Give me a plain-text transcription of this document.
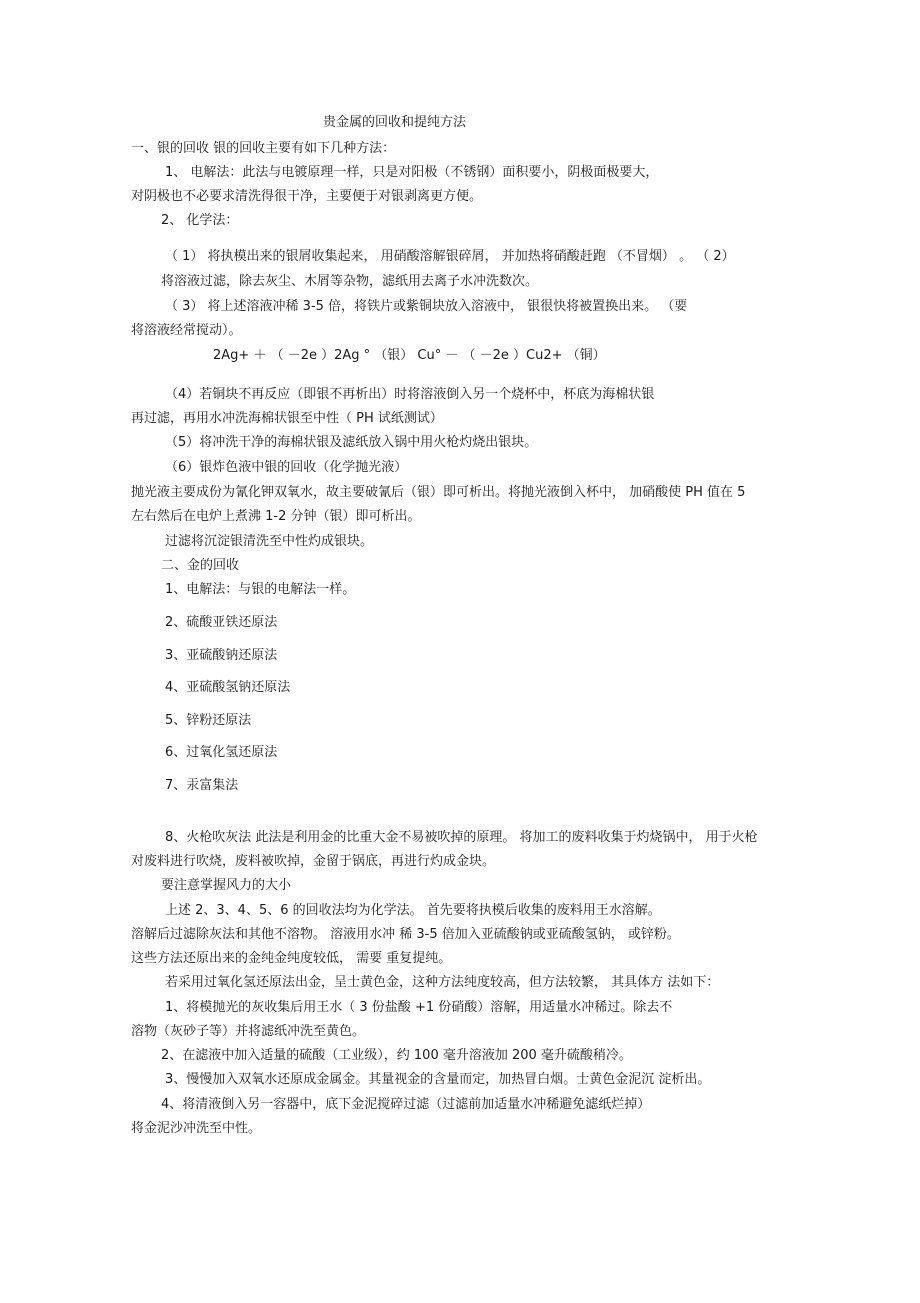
贵金属的回收和提纯方法
一、银的回收 银的回收主要有如下几种方法：
1、 电解法：此法与电镀原理一样，只是对阳极（不锈钢）面积要小，阴极面极要大，
对阴极也不必要求清洗得很干净，主要便于对银剥离更方便。
2、 化学法：
（ 1） 将执模出来的银屑收集起来， 用硝酸溶解银碎屑， 并加热将硝酸赶跑 （不冒烟） 。 （ 2）
将溶液过滤，除去灰尘、木屑等杂物，滤纸用去离子水冲洗数次。
（ 3） 将上述溶液冲稀 3-5 倍，将铁片或紫铜块放入溶液中， 银很快将被置换出来。 （要
将溶液经常搅动）。
2Ag+ ＋ （ －2e ）2Ag ° （银） Cu° － （ －2e ）Cu2+ （铜）
（4）若铜块不再反应（即银不再析出）时将溶液倒入另一个烧杯中，杯底为海棉状银
再过滤，再用水冲洗海棉状银至中性（ PH 试纸测试）
（5）将冲洗干净的海棉状银及滤纸放入锅中用火枪灼烧出银块。
（6）银炸色液中银的回收（化学抛光液）
抛光液主要成份为氰化钾双氧水，故主要破氰后（银）即可析出。将抛光液倒入杯中， 加硝酸使 PH 值在 5
左右然后在电炉上煮沸 1-2 分钟（银）即可析出。
过滤将沉淀银清洗至中性灼成银块。
二、金的回收
1、电解法：与银的电解法一样。
2、硫酸亚铁还原法
3、亚硫酸钠还原法
4、亚硫酸氢钠还原法
5、锌粉还原法
6、过氧化氢还原法
7、汞富集法
8、火枪吹灰法 此法是利用金的比重大金不易被吹掉的原理。 将加工的废料收集于灼烧锅中， 用于火枪
对废料进行吹烧，废料被吹掉，金留于锅底，再进行灼成金块。
要注意掌握风力的大小
上述 2、3、4、5、6 的回收法均为化学法。 首先要将执模后收集的废料用王水溶解。
溶解后过滤除灰法和其他不溶物。 溶液用水冲 稀 3-5 倍加入亚硫酸钠或亚硫酸氢钠， 或锌粉。
这些方法还原出来的金纯金纯度较低， 需要 重复提纯。
若采用过氧化氢还原法出金，呈士黄色金，这种方法纯度较高，但方法较繁， 其具体方 法如下：
1、将模抛光的灰收集后用王水（ 3 份盐酸 +1 份硝酸）溶解，用适量水冲稀过。除去不
溶物（灰砂子等）并将滤纸冲洗至黄色。
2、在滤液中加入适量的硫酸（工业级），约 100 毫升溶液加 200 毫升硫酸稍冷。
3、慢慢加入双氧水还原成金属金。其量视金的含量而定，加热冒白烟。士黄色金泥沉 淀析出。
4、将清液倒入另一容器中，底下金泥搅碎过滤（过滤前加适量水冲稀避免滤纸烂掉）
将金泥沙冲洗至中性。
